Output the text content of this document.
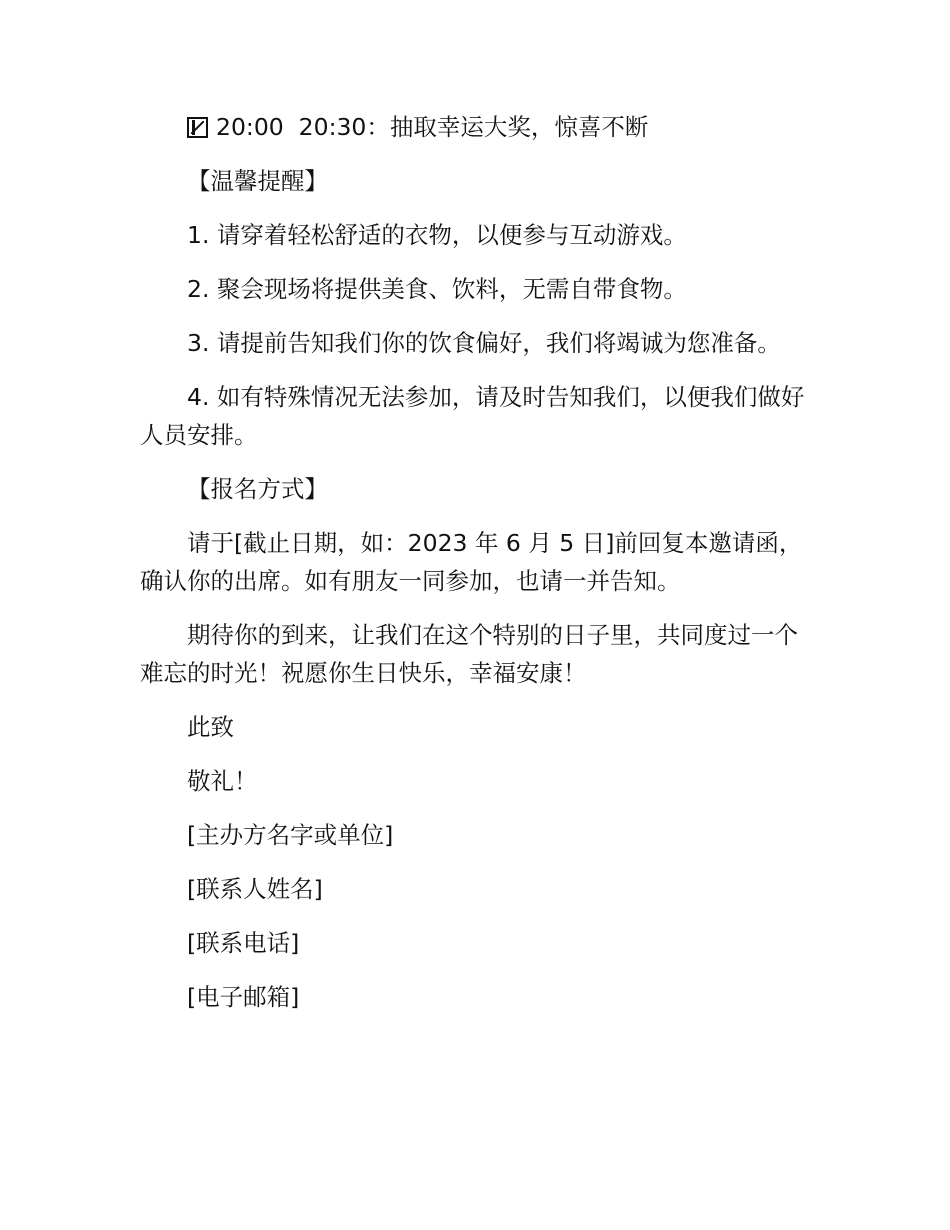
20:00  20:30：抽取幸运大奖，惊喜不断

【温馨提醒】

1. 请穿着轻松舒适的衣物，以便参与互动游戏。

2. 聚会现场将提供美食、饮料，无需自带食物。

3. 请提前告知我们你的饮食偏好，我们将竭诚为您准备。

4. 如有特殊情况无法参加，请及时告知我们，以便我们做好人员安排。

【报名方式】

请于[截止日期，如：2023 年 6 月 5 日]前回复本邀请函，确认你的出席。如有朋友一同参加，也请一并告知。

期待你的到来，让我们在这个特别的日子里，共同度过一个难忘的时光！祝愿你生日快乐，幸福安康！

此致

敬礼！

[主办方名字或单位]

[联系人姓名]

[联系电话]

[电子邮箱]
